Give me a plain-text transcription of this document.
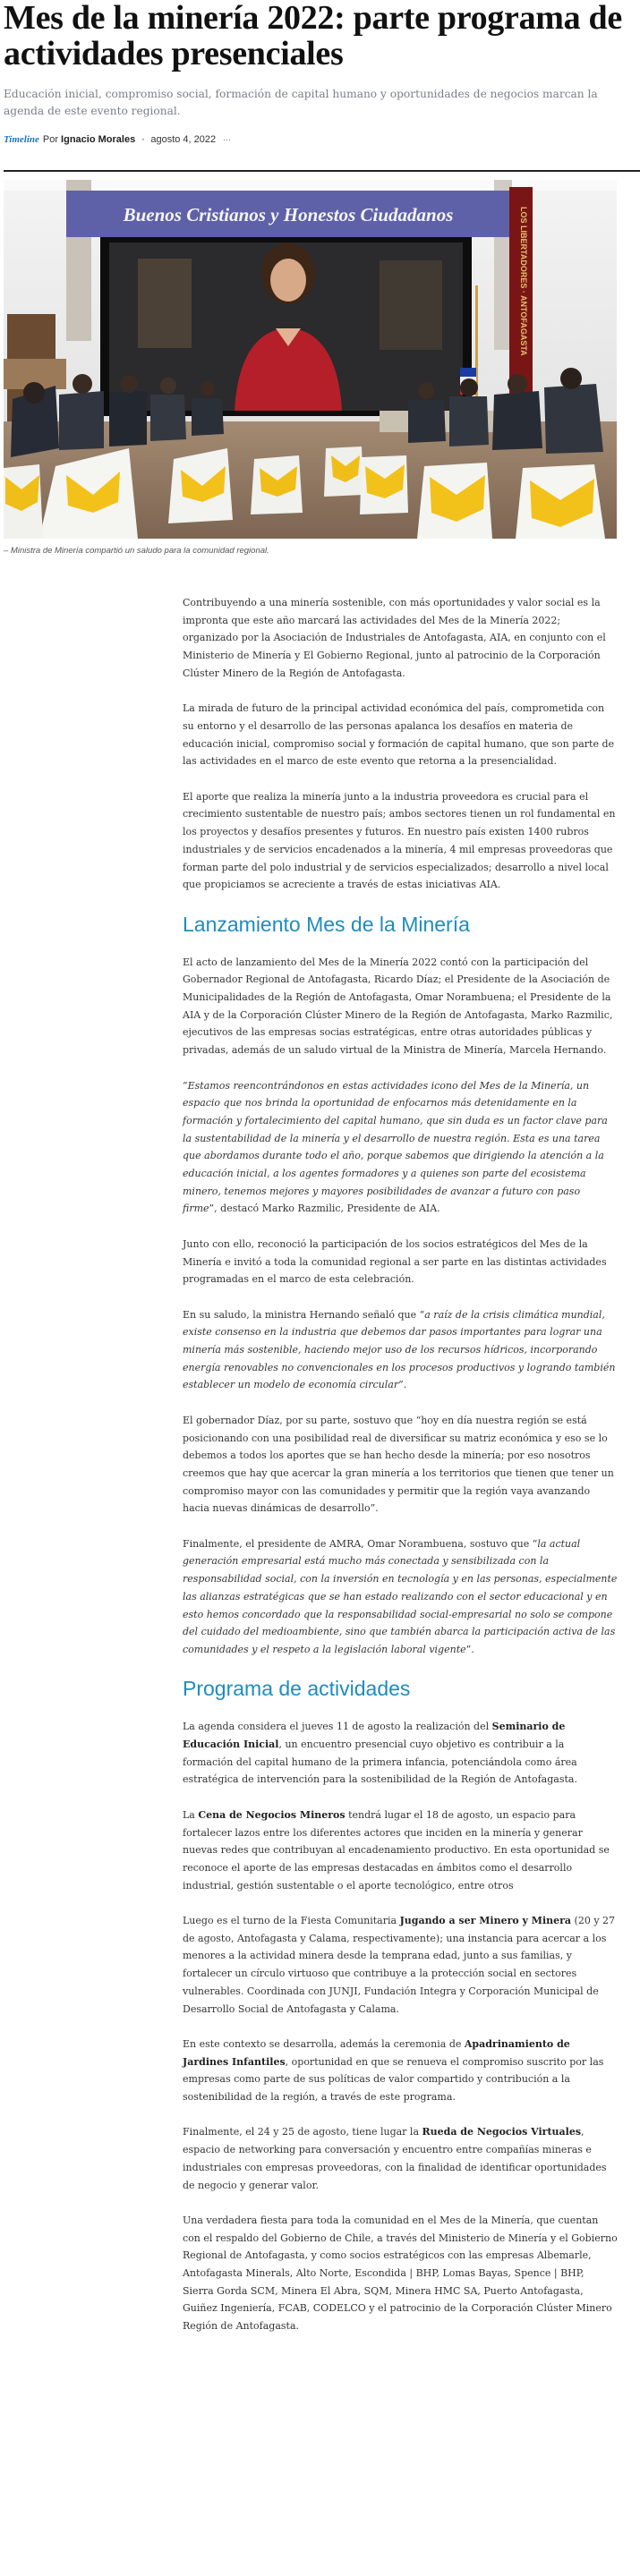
Mes de la minería 2022: parte programa de actividades presenciales

Educación inicial, compromiso social, formación de capital humano y oportunidades de negocios marcan la agenda de este evento regional.

Timeline Por Ignacio Morales • agosto 4, 2022 ⋯
Buenos Cristianos y Honestos Ciudadanos	LOS LIBERTADORES · ANTOFAGASTA
– Ministra de Minería compartió un saludo para la comunidad regional.

Contribuyendo a una minería sostenible, con más oportunidades y valor social es la impronta que este año marcará las actividades del Mes de la Minería 2022; organizado por la Asociación de Industriales de Antofagasta, AIA, en conjunto con el Ministerio de Minería y El Gobierno Regional, junto al patrocinio de la Corporación Clúster Minero de la Región de Antofagasta.

La mirada de futuro de la principal actividad económica del país, comprometida con su entorno y el desarrollo de las personas apalanca los desafíos en materia de educación inicial, compromiso social y formación de capital humano, que son parte de las actividades en el marco de este evento que retorna a la presencialidad.

El aporte que realiza la minería junto a la industria proveedora es crucial para el crecimiento sustentable de nuestro país; ambos sectores tienen un rol fundamental en los proyectos y desafíos presentes y futuros. En nuestro país existen 1400 rubros industriales y de servicios encadenados a la minería, 4 mil empresas proveedoras que forman parte del polo industrial y de servicios especializados; desarrollo a nivel local que propiciamos se acreciente a través de estas iniciativas AIA.

Lanzamiento Mes de la Minería

El acto de lanzamiento del Mes de la Minería 2022 contó con la participación del Gobernador Regional de Antofagasta, Ricardo Díaz; el Presidente de la Asociación de Municipalidades de la Región de Antofagasta, Omar Norambuena; el Presidente de la AIA y de la Corporación Clúster Minero de la Región de Antofagasta, Marko Razmilic, ejecutivos de las empresas socias estratégicas, entre otras autoridades públicas y privadas, además de un saludo virtual de la Ministra de Minería, Marcela Hernando.

“Estamos reencontrándonos en estas actividades icono del Mes de la Minería, un espacio que nos brinda la oportunidad de enfocarnos más detenidamente en la formación y fortalecimiento del capital humano, que sin duda es un factor clave para la sustentabilidad de la minería y el desarrollo de nuestra región. Esta es una tarea que abordamos durante todo el año, porque sabemos que dirigiendo la atención a la educación inicial, a los agentes formadores y a quienes son parte del ecosistema minero, tenemos mejores y mayores posibilidades de avanzar a futuro con paso firme”, destacó Marko Razmilic, Presidente de AIA.

Junto con ello, reconoció la participación de los socios estratégicos del Mes de la Minería e invitó a toda la comunidad regional a ser parte en las distintas actividades programadas en el marco de esta celebración.

En su saludo, la ministra Hernando señaló que “a raíz de la crisis climática mundial, existe consenso en la industria que debemos dar pasos importantes para lograr una minería más sostenible, haciendo mejor uso de los recursos hídricos, incorporando energía renovables no convencionales en los procesos productivos y logrando también establecer un modelo de economía circular”.

El gobernador Díaz, por su parte, sostuvo que “hoy en día nuestra región se está posicionando con una posibilidad real de diversificar su matriz económica y eso se lo debemos a todos los aportes que se han hecho desde la minería; por eso nosotros creemos que hay que acercar la gran minería a los territorios que tienen que tener un compromiso mayor con las comunidades y permitir que la región vaya avanzando hacia nuevas dinámicas de desarrollo”.

Finalmente, el presidente de AMRA, Omar Norambuena, sostuvo que “la actual generación empresarial está mucho más conectada y sensibilizada con la responsabilidad social, con la inversión en tecnología y en las personas, especialmente las alianzas estratégicas que se han estado realizando con el sector educacional y en esto hemos concordado que la responsabilidad social-empresarial no solo se compone del cuidado del medioambiente, sino que también abarca la participación activa de las comunidades y el respeto a la legislación laboral vigente”.

Programa de actividades

La agenda considera el jueves 11 de agosto la realización del Seminario de Educación Inicial, un encuentro presencial cuyo objetivo es contribuir a la formación del capital humano de la primera infancia, potenciándola como área estratégica de intervención para la sostenibilidad de la Región de Antofagasta.

La Cena de Negocios Mineros tendrá lugar el 18 de agosto, un espacio para fortalecer lazos entre los diferentes actores que inciden en la minería y generar nuevas redes que contribuyan al encadenamiento productivo. En esta oportunidad se reconoce el aporte de las empresas destacadas en ámbitos como el desarrollo industrial, gestión sustentable o el aporte tecnológico, entre otros

Luego es el turno de la Fiesta Comunitaria Jugando a ser Minero y Minera (20 y 27 de agosto, Antofagasta y Calama, respectivamente); una instancia para acercar a los menores a la actividad minera desde la temprana edad, junto a sus familias, y fortalecer un círculo virtuoso que contribuye a la protección social en sectores vulnerables. Coordinada con JUNJI, Fundación Integra y Corporación Municipal de Desarrollo Social de Antofagasta y Calama.

En este contexto se desarrolla, además la ceremonia de Apadrinamiento de Jardines Infantiles, oportunidad en que se renueva el compromiso suscrito por las empresas como parte de sus políticas de valor compartido y contribución a la sostenibilidad de la región, a través de este programa.

Finalmente, el 24 y 25 de agosto, tiene lugar la Rueda de Negocios Virtuales, espacio de networking para conversación y encuentro entre compañías mineras e industriales con empresas proveedoras, con la finalidad de identificar oportunidades de negocio y generar valor.

Una verdadera fiesta para toda la comunidad en el Mes de la Minería, que cuentan con el respaldo del Gobierno de Chile, a través del Ministerio de Minería y el Gobierno Regional de Antofagasta, y como socios estratégicos con las empresas Albemarle, Antofagasta Minerals, Alto Norte, Escondida | BHP, Lomas Bayas, Spence | BHP, Sierra Gorda SCM, Minera El Abra, SQM, Minera HMC SA, Puerto Antofagasta, Guiñez Ingeniería, FCAB, CODELCO y el patrocinio de la Corporación Clúster Minero Región de Antofagasta.
